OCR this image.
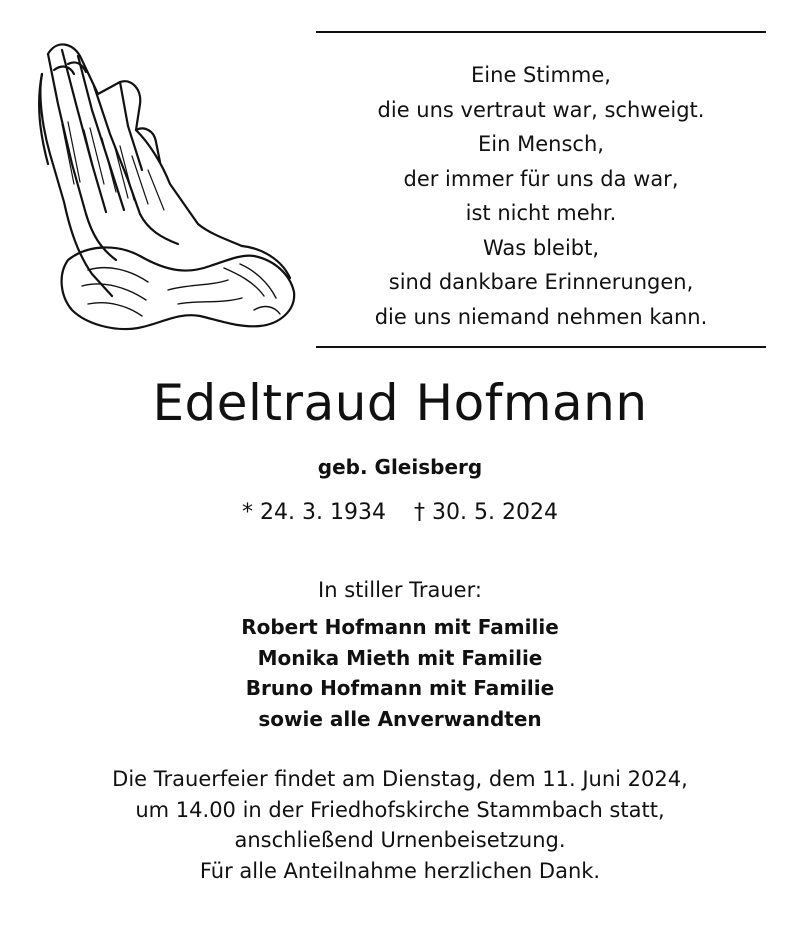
Eine Stimme,
die uns vertraut war, schweigt.
Ein Mensch,
der immer für uns da war,
ist nicht mehr.
Was bleibt,
sind dankbare Erinnerungen,
die uns niemand nehmen kann.
Edeltraud Hofmann

geb. Gleisberg

* 24. 3. 1934 † 30. 5. 2024

In stiller Trauer:

Robert Hofmann mit Familie
Monika Mieth mit Familie
Bruno Hofmann mit Familie
sowie alle Anverwandten
Die Trauerfeier findet am Dienstag, dem 11. Juni 2024,
um 14.00 in der Friedhofskirche Stammbach statt,
anschließend Urnenbeisetzung.
Für alle Anteilnahme herzlichen Dank.
